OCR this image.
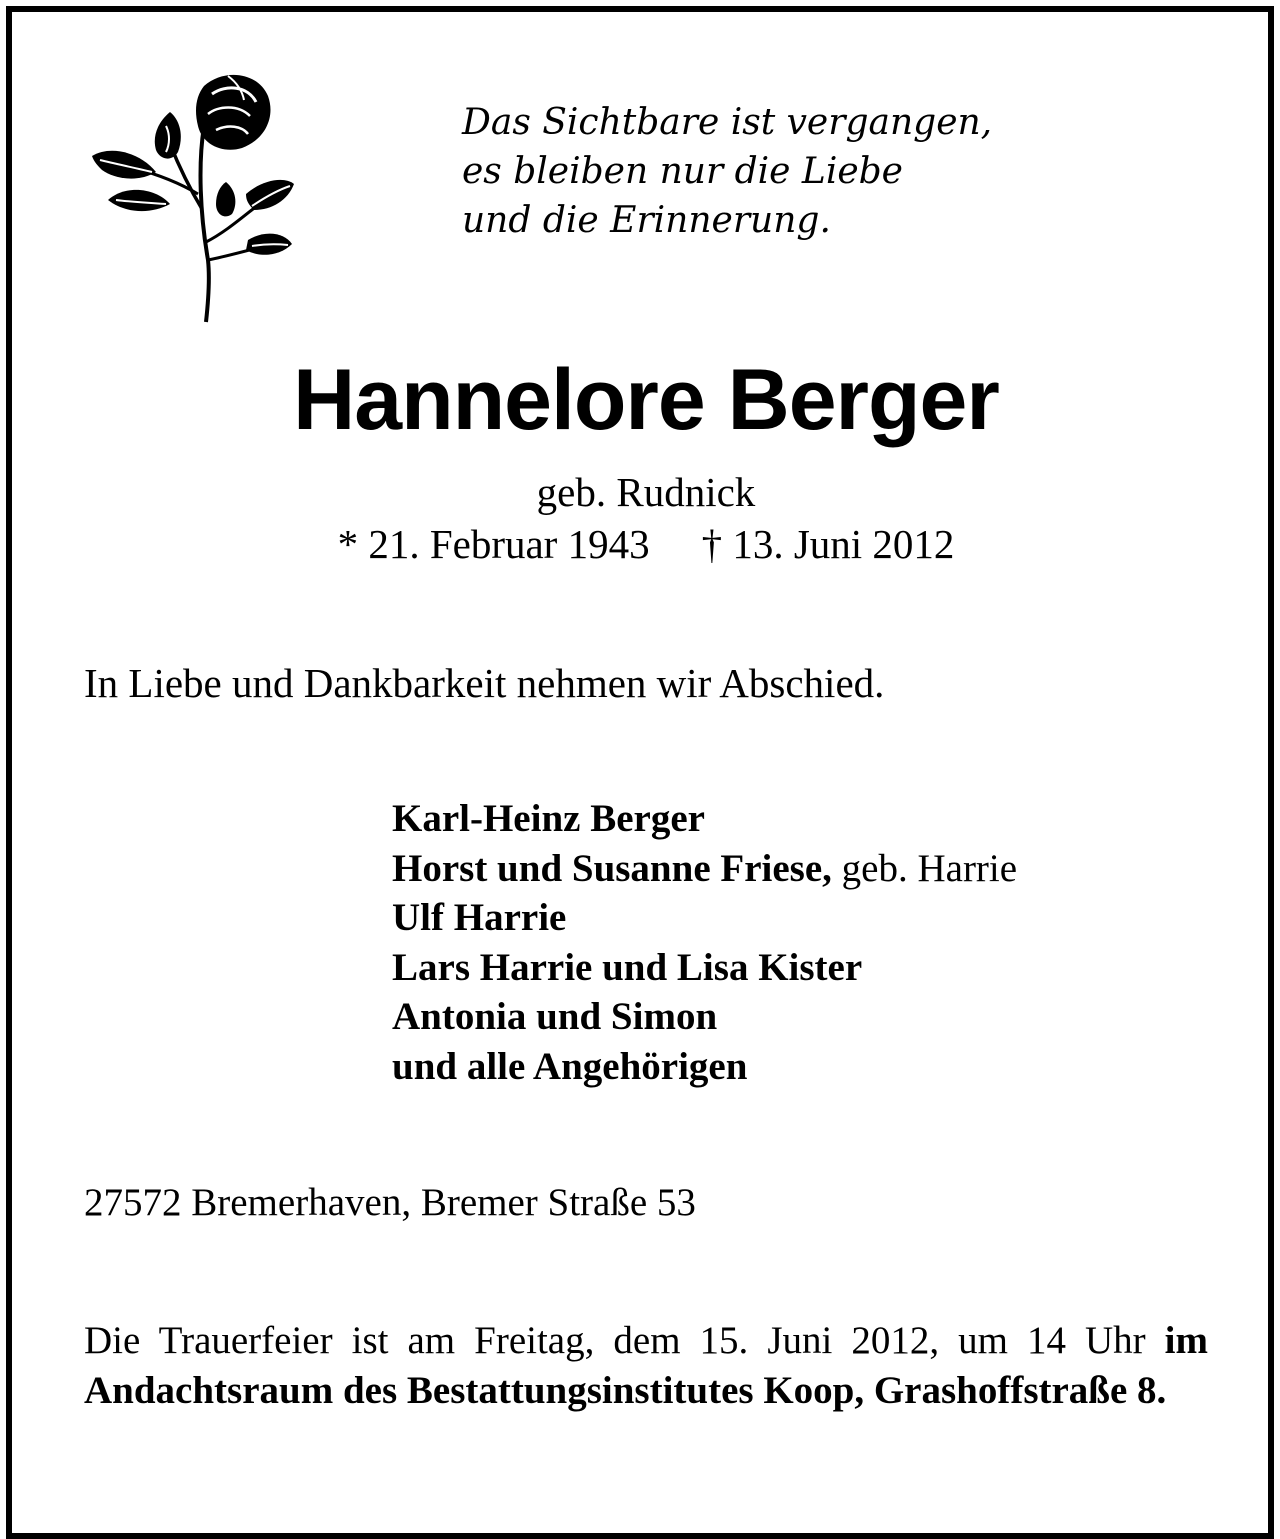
Das Sichtbare ist vergangen,
es bleiben nur die Liebe
und die Erinnerung.
Hannelore Berger
geb. Rudnick
* 21. Februar 1943 † 13. Juni 2012
In Liebe und Dankbarkeit nehmen wir Abschied.
Karl-Heinz Berger
Horst und Susanne Friese, geb. Harrie
Ulf Harrie
Lars Harrie und Lisa Kister
Antonia und Simon
und alle Angehörigen
27572 Bremerhaven, Bremer Straße 53
Die Trauerfeier ist am Freitag, dem 15. Juni 2012, um 14 Uhr im Andachtsraum des Bestattungsinstitutes Koop, Grashoffstraße 8.
